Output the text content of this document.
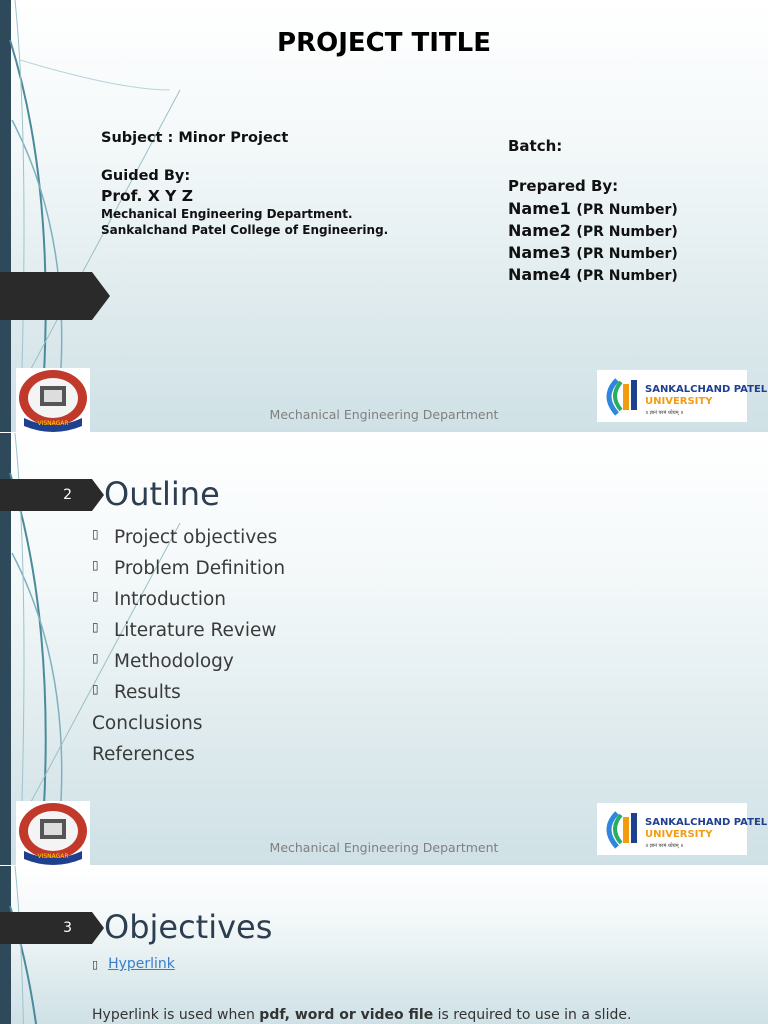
PROJECT TITLE
Subject : Minor Project
Guided By:
Prof. X Y Z
Mechanical Engineering Department.
Sankalchand Patel College of Engineering.
Batch:
Prepared By:
Name1 (PR Number)
Name2 (PR Number)
Name3 (PR Number)
Name4 (PR Number)
VISNAGAR
Mechanical Engineering Department
SANKALCHAND PATEL
UNIVERSITY
॥ ज्ञानं परमं ध्येयम् ॥
2	Outline
▯ Project objectives
▯ Problem Definition
▯ Introduction
▯ Literature Review
▯ Methodology
▯ Results
Conclusions
References
VISNAGAR
Mechanical Engineering Department
SANKALCHAND PATEL
UNIVERSITY
॥ ज्ञानं परमं ध्येयम् ॥
3	Objectives
▯ Hyperlink
Hyperlink is used when pdf, word or video file is required to use in a slide.
